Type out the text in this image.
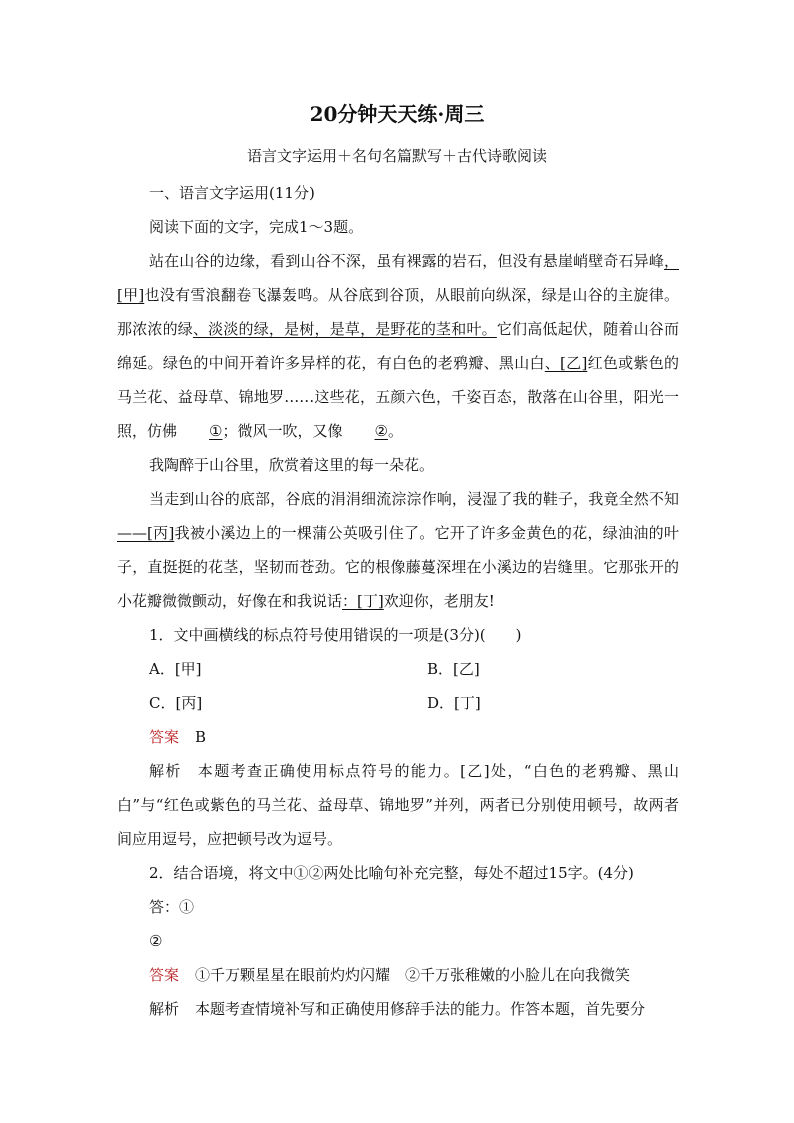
20分钟天天练·周三
语言文字运用＋名句名篇默写＋古代诗歌阅读

一、语言文字运用(11分)

阅读下面的文字，完成1～3题。

站在山谷的边缘，看到山谷不深，虽有裸露的岩石，但没有悬崖峭壁奇石异峰，[甲]也没有雪浪翻卷飞瀑轰鸣。从谷底到谷顶，从眼前向纵深，绿是山谷的主旋律。那浓浓的绿、淡淡的绿，是树，是草，是野花的茎和叶。它们高低起伏，随着山谷而绵延。绿色的中间开着许多异样的花，有白色的老鸦瓣、黑山白、[乙]红色或紫色的马兰花、益母草、锦地罗……这些花，五颜六色，千姿百态，散落在山谷里，阳光一照，仿佛 ①；微风一吹，又像 ②。

我陶醉于山谷里，欣赏着这里的每一朵花。

当走到山谷的底部，谷底的涓涓细流淙淙作响，浸湿了我的鞋子，我竟全然不知——[丙]我被小溪边上的一棵蒲公英吸引住了。它开了许多金黄色的花，绿油油的叶子，直挺挺的花茎，坚韧而苍劲。它的根像藤蔓深埋在小溪边的岩缝里。它那张开的小花瓣微微颤动，好像在和我说话：[丁]欢迎你，老朋友!

1．文中画横线的标点符号使用错误的一项是(3分)(　　)

A．[甲]	B．[乙]
C．[丙]	D．[丁]

答案 B

解析 本题考查正确使用标点符号的能力。[乙]处，“白色的老鸦瓣、黑山白”与“红色或紫色的马兰花、益母草、锦地罗”并列，两者已分别使用顿号，故两者间应用逗号，应把顿号改为逗号。

2．结合语境，将文中①②两处比喻句补充完整，每处不超过15字。(4分)

答：①

②

答案 ①千万颗星星在眼前灼灼闪耀　②千万张稚嫩的小脸儿在向我微笑

解析 本题考查情境补写和正确使用修辞手法的能力。作答本题，首先要分
